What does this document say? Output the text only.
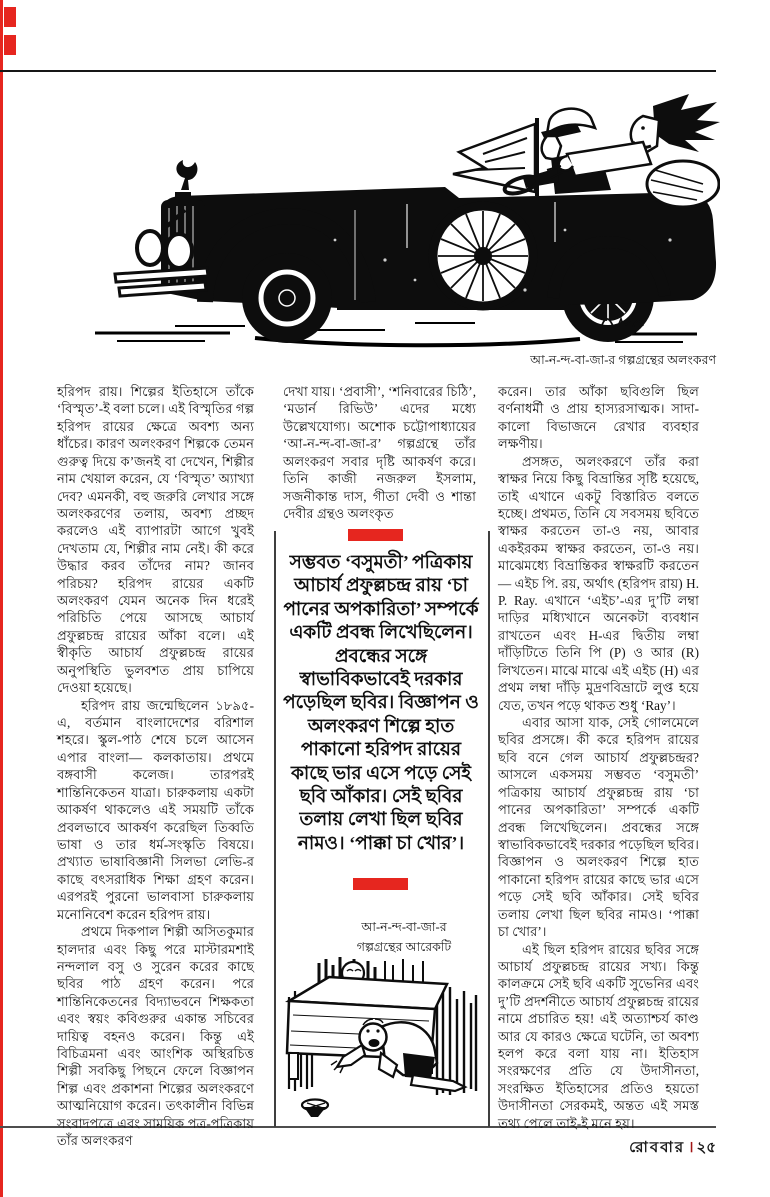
আ-ন-ন্দ-বা-জা-র গল্পগ্রন্থের অলংকরণ

হরিপদ রায়। শিল্পের ইতিহাসে তাঁকে ‘বিস্মৃত’-ই বলা চলে। এই বিস্মৃতির গল্প হরিপদ রায়ের ক্ষেত্রে অবশ্য অন্য ধাঁচের। কারণ অলংকরণ শিল্পকে তেমন গুরুত্ব দিয়ে ক’জনই বা দেখেন, শিল্পীর নাম খেয়াল করেন, যে ‘বিস্মৃত’ অ্যাখ্যা দেব? এমনকী, বহু জরুরি লেখার সঙ্গে অলংকরণের তলায়, অবশ্য প্রচ্ছদ করলেও এই ব্যাপারটা আগে খুবই দেখতাম যে, শিল্পীর নাম নেই। কী করে উদ্ধার করব তাঁদের নাম? জানব পরিচয়? হরিপদ রায়ের একটি অলংকরণ যেমন অনেক দিন ধরেই পরিচিতি পেয়ে আসছে আচার্য প্রফুল্লচন্দ্র রায়ের আঁকা বলে। এই স্বীকৃতি আচার্য প্রফুল্লচন্দ্র রায়ের অনুপস্থিতি ভুলবশত প্রায় চাপিয়ে দেওয়া হয়েছে।

হরিপদ রায় জন্মেছিলেন ১৮৯৫-এ, বর্তমান বাংলাদেশের বরিশাল শহরে। স্কুল-পাঠ শেষে চলে আসেন এপার বাংলা— কলকাতায়। প্রথমে বঙ্গবাসী কলেজ। তারপরই শান্তিনিকেতন যাত্রা। চারুকলায় একটা আকর্ষণ থাকলেও এই সময়টি তাঁকে প্রবলভাবে আকর্ষণ করেছিল তিব্বতি ভাষা ও তার ধর্ম-সংস্কৃতি বিষয়ে। প্রখ্যাত ভাষাবিজ্ঞানী সিলভা লেভি-র কাছে বৎসরাধিক শিক্ষা গ্রহণ করেন। এরপরই পুরনো ভালবাসা চারুকলায় মনোনিবেশ করেন হরিপদ রায়।

প্রথমে দিকপাল শিল্পী অসিতকুমার হালদার এবং কিছু পরে মাস্টারমশাই নন্দলাল বসু ও সুরেন করের কাছে ছবির পাঠ গ্রহণ করেন। পরে শান্তিনিকেতনের বিদ্যাভবনে শিক্ষকতা এবং স্বয়ং কবিগুরুর একান্ত সচিবের দায়িত্ব বহনও করেন। কিন্তু এই বিচিত্রমনা এবং আংশিক অস্থিরচিত্ত শিল্পী সবকিছু পিছনে ফেলে বিজ্ঞাপন শিল্প এবং প্রকাশনা শিল্পের অলংকরণে আত্মনিয়োগ করেন। তৎকালীন বিভিন্ন সংবাদপত্রে এবং সাময়িক পত্র-পত্রিকায় তাঁর অলংকরণ

দেখা যায়। ‘প্রবাসী’, ‘শনিবারের চিঠি’, ‘মডার্ন রিভিউ’ এদের মধ্যে উল্লেখযোগ্য। অশোক চট্টোপাধ্যায়ের ‘আ-ন-ন্দ-বা-জা-র’ গল্পগ্রন্থে তাঁর অলংকরণ সবার দৃষ্টি আকর্ষণ করে। তিনি কাজী নজরুল ইসলাম, সজনীকান্ত দাস, গীতা দেবী ও শান্তা দেবীর গ্রন্থও অলংকৃত

সম্ভবত ‘বসুমতী’ পত্রিকায় আচার্য প্রফুল্লচন্দ্র রায় ‘চা পানের অপকারিতা’ সম্পর্কে একটি প্রবন্ধ লিখেছিলেন। প্রবন্ধের সঙ্গে স্বাভাবিকভাবেই দরকার পড়েছিল ছবির। বিজ্ঞাপন ও অলংকরণ শিল্পে হাত পাকানো হরিপদ রায়ের কাছে ভার এসে পড়ে সেই ছবি আঁকার। সেই ছবির তলায় লেখা ছিল ছবির নামও। ‘পাক্কা চা খোর’।
আ-ন-ন্দ-বা-জা-র
গল্পগ্রন্থের আরেকটি

করেন। তার আঁকা ছবিগুলি ছিল বর্ণনাধর্মী ও প্রায় হাস্যরসাত্মক। সাদা-কালো বিভাজনে রেখার ব্যবহার লক্ষণীয়।

প্রসঙ্গত, অলংকরণে তাঁর করা স্বাক্ষর নিয়ে কিছু বিভ্রান্তির সৃষ্টি হয়েছে, তাই এখানে একটু বিস্তারিত বলতে হচ্ছে। প্রথমত, তিনি যে সবসময় ছবিতে স্বাক্ষর করতেন তা-ও নয়, আবার একইরকম স্বাক্ষর করতেন, তা-ও নয়। মাঝেমধ্যে বিভ্রান্তিকর স্বাক্ষরটি করতেন— এইচ পি. রয়, অর্থাৎ (হরিপদ রায়) H. P. Ray. এখানে ‘এইচ’-এর দু’টি লম্বা দাড়ির মধ্যিখানে অনেকটা ব্যবধান রাখতেন এবং H-এর দ্বিতীয় লম্বা দাঁড়িটিতে তিনি পি (P) ও আর (R) লিখতেন। মাঝে মাঝে এই এইচ (H) এর প্রথম লম্বা দাঁড়ি মুদ্রণবিভ্রাটে লুপ্ত হয়ে যেত, তখন পড়ে থাকত শুধু ‘Ray’।

এবার আসা যাক, সেই গোলমেলে ছবির প্রসঙ্গে। কী করে হরিপদ রায়ের ছবি বনে গেল আচার্য প্রফুল্লচন্দ্রর? আসলে একসময় সম্ভবত ‘বসুমতী’ পত্রিকায় আচার্য প্রফুল্লচন্দ্র রায় ‘চা পানের অপকারিতা’ সম্পর্কে একটি প্রবন্ধ লিখেছিলেন। প্রবন্ধের সঙ্গে স্বাভাবিকভাবেই দরকার পড়েছিল ছবির। বিজ্ঞাপন ও অলংকরণ শিল্পে হাত পাকানো হরিপদ রায়ের কাছে ভার এসে পড়ে সেই ছবি আঁকার। সেই ছবির তলায় লেখা ছিল ছবির নামও। ‘পাক্কা চা খোর’।

এই ছিল হরিপদ রায়ের ছবির সঙ্গে আচার্য প্রফুল্লচন্দ্র রায়ের সখ্য। কিন্তু কালক্রমে সেই ছবি একটি সুভেনির এবং দু’টি প্রদর্শনীতে আচার্য প্রফুল্লচন্দ্র রায়ের নামে প্রচারিত হয়! এই অত্যাশ্চর্য কাণ্ড আর যে কারও ক্ষেত্রে ঘটেনি, তা অবশ্য হলপ করে বলা যায় না। ইতিহাস সংরক্ষণের প্রতি যে উদাসীনতা, সংরক্ষিত ইতিহাসের প্রতিও হয়তো উদাসীনতা সেরকমই, অন্তত এই সমস্ত তথ্য পেলে তাই-ই মনে হয়।

রোববার । ২৫
